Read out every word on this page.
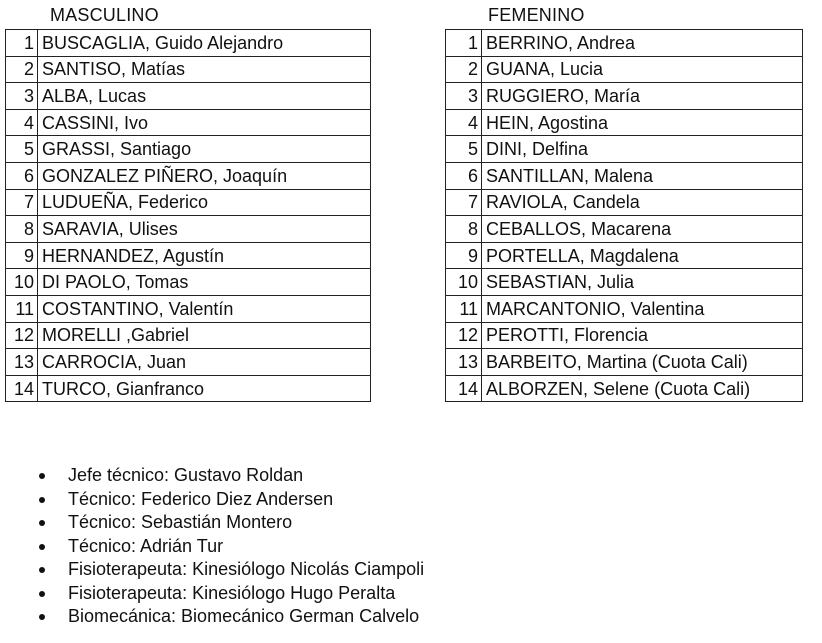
MASCULINO	FEMENINO
1	BUSCAGLIA, Guido Alejandro
2	SANTISO, Matías
3	ALBA, Lucas
4	CASSINI, Ivo
5	GRASSI, Santiago
6	GONZALEZ PIÑERO, Joaquín
7	LUDUEÑA, Federico
8	SARAVIA, Ulises
9	HERNANDEZ, Agustín
10	DI PAOLO, Tomas
11	COSTANTINO, Valentín
12	MORELLI ,Gabriel
13	CARROCIA, Juan
14	TURCO, Gianfranco
1	BERRINO, Andrea
2	GUANA, Lucia
3	RUGGIERO, María
4	HEIN, Agostina
5	DINI, Delfina
6	SANTILLAN, Malena
7	RAVIOLA, Candela
8	CEBALLOS, Macarena
9	PORTELLA, Magdalena
10	SEBASTIAN, Julia
11	MARCANTONIO, Valentina
12	PEROTTI, Florencia
13	BARBEITO, Martina (Cuota Cali)
14	ALBORZEN, Selene (Cuota Cali)
Jefe técnico: Gustavo Roldan
Técnico: Federico Diez Andersen
Técnico: Sebastián Montero
Técnico: Adrián Tur
Fisioterapeuta: Kinesiólogo Nicolás Ciampoli
Fisioterapeuta: Kinesiólogo Hugo Peralta
Biomecánica: Biomecánico German Calvelo
